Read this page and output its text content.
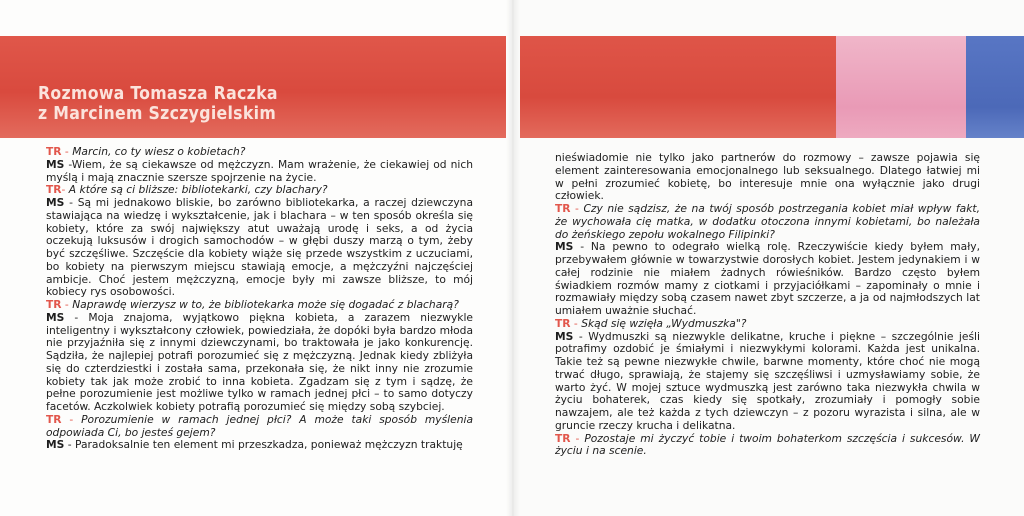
Rozmowa Tomasza Raczka
z Marcinem Szczygielskim

TR - Marcin, co ty wiesz o kobietach?

MS -Wiem, że są ciekawsze od mężczyzn. Mam wrażenie, że ciekawiej od nich myślą i mają znacznie szersze spojrzenie na życie.

TR- A które są ci bliższe: bibliotekarki, czy blachary?

MS - Są mi jednakowo bliskie, bo zarówno bibliotekarka, a raczej dziewczyna stawiająca na wiedzę i wykształcenie, jak i blachara – w ten sposób określa się kobiety, które za swój największy atut uważają urodę i seks, a od życia oczekują luksusów i drogich samochodów – w głębi duszy marzą o tym, żeby być szczęśliwe. Szczęście dla kobiety wiąże się przede wszystkim z uczuciami, bo kobiety na pierwszym miejscu stawiają emocje, a mężczyźni najczęściej ambicje. Choć jestem mężczyzną, emocje były mi zawsze bliższe, to mój kobiecy rys osobowości.

TR - Naprawdę wierzysz w to, że bibliotekarka może się dogadać z blacharą?

MS - Moja znajoma, wyjątkowo piękna kobieta, a zarazem niezwykle inteligentny i wykształcony człowiek, powiedziała, że dopóki była bardzo młoda nie przyjaźniła się z innymi dziewczynami, bo traktowała je jako konkurencję. Sądziła, że najlepiej potrafi porozumieć się z mężczyzną. Jednak kiedy zbliżyła się do czterdziestki i została sama, przekonała się, że nikt inny nie zrozumie kobiety tak jak może zrobić to inna kobieta. Zgadzam się z tym i sądzę, że pełne porozumienie jest możliwe tylko w ramach jednej płci – to samo dotyczy facetów. Aczkolwiek kobiety potrafią porozumieć się między sobą szybciej.

TR - Porozumienie w ramach jednej płci? A może taki sposób myślenia odpowiada Ci, bo jesteś gejem?

MS - Paradoksalnie ten element mi przeszkadza, ponieważ mężczyzn traktuję

nieświadomie nie tylko jako partnerów do rozmowy – zawsze pojawia się element zainteresowania emocjonalnego lub seksualnego. Dlatego łatwiej mi w pełni zrozumieć kobietę, bo interesuje mnie ona wyłącznie jako drugi człowiek.

TR - Czy nie sądzisz, że na twój sposób postrzegania kobiet miał wpływ fakt, że wychowała cię matka, w dodatku otoczona innymi kobietami, bo należała do żeńskiego zepołu wokalnego Filipinki?

MS - Na pewno to odegrało wielką rolę. Rzeczywiście kiedy byłem mały, przebywałem głównie w towarzystwie dorosłych kobiet. Jestem jedynakiem i w całej rodzinie nie miałem żadnych rówieśników. Bardzo często byłem świadkiem rozmów mamy z ciotkami i przyjaciółkami – zapominały o mnie i rozmawiały między sobą czasem nawet zbyt szczerze, a ja od najmłodszych lat umiałem uważnie słuchać.

TR - Skąd się wzięła „Wydmuszka"?

MS - Wydmuszki są niezwykle delikatne, kruche i piękne – szczególnie jeśli potrafimy ozdobić je śmiałymi i niezwykłymi kolorami. Każda jest unikalna. Takie też są pewne niezwykłe chwile, barwne momenty, które choć nie mogą trwać długo, sprawiają, że stajemy się szczęśliwsi i uzmysławiamy sobie, że warto żyć. W mojej sztuce wydmuszką jest zarówno taka niezwykła chwila w życiu bohaterek, czas kiedy się spotkały, zrozumiały i pomogły sobie nawzajem, ale też każda z tych dziewczyn – z pozoru wyrazista i silna, ale w gruncie rzeczy krucha i delikatna.

TR - Pozostaje mi życzyć tobie i twoim bohaterkom szczęścia i sukcesów. W życiu i na scenie.
